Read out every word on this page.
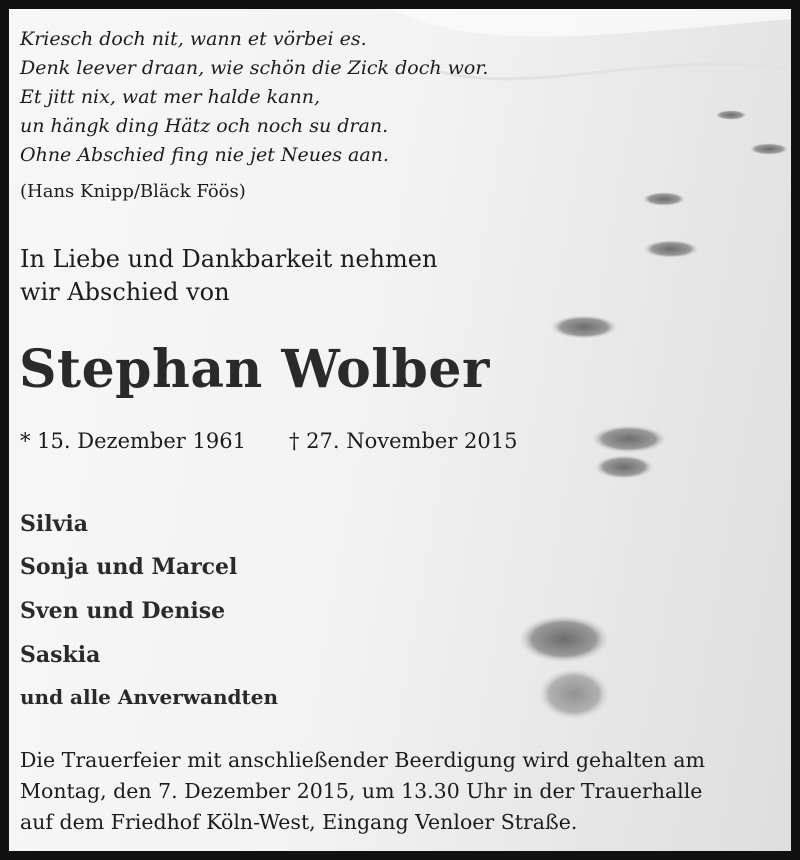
Kriesch doch nit, wann et vörbei es.
Denk leever draan, wie schön die Zick doch wor.
Et jitt nix, wat mer halde kann,
un hängk ding Hätz och noch su dran.
Ohne Abschied fing nie jet Neues aan.
(Hans Knipp/Bläck Föös)
In Liebe und Dankbarkeit nehmen
wir Abschied von
Stephan Wolber
* 15. Dezember 1961 † 27. November 2015
Silvia
Sonja und Marcel
Sven und Denise
Saskia
und alle Anverwandten
Die Trauerfeier mit anschließender Beerdigung wird gehalten am
Montag, den 7. Dezember 2015, um 13.30 Uhr in der Trauerhalle
auf dem Friedhof Köln-West, Eingang Venloer Straße.
